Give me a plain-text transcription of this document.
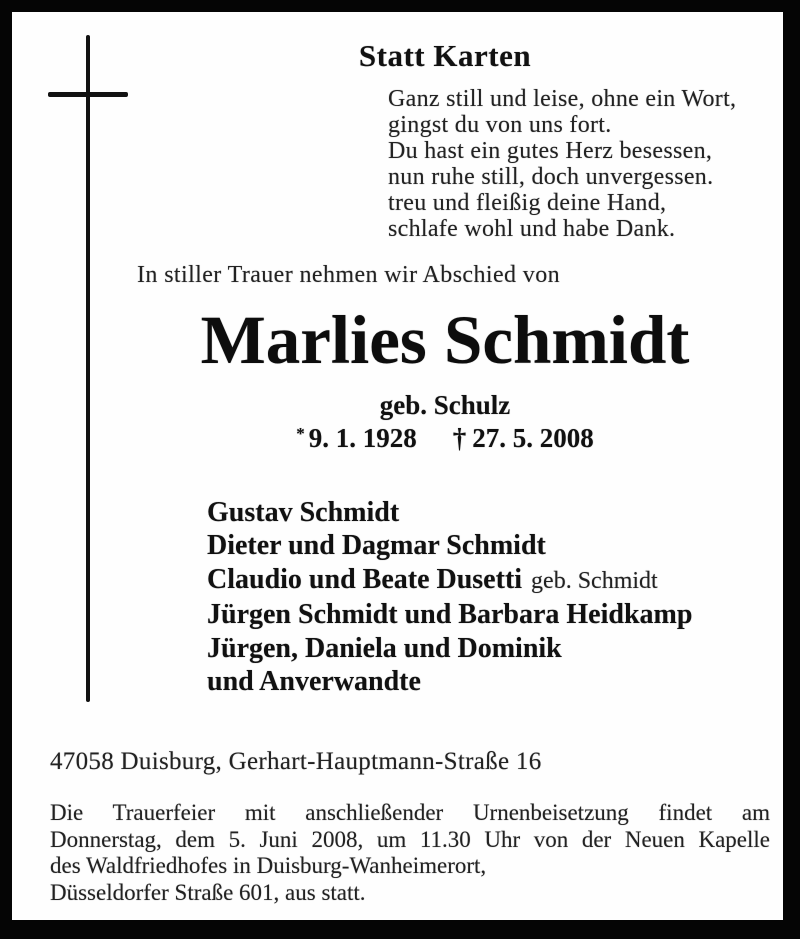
Statt Karten
Ganz still und leise, ohne ein Wort,
gingst du von uns fort.
Du hast ein gutes Herz besessen,
nun ruhe still, doch unvergessen.
treu und fleißig deine Hand,
schlafe wohl und habe Dank.
In stiller Trauer nehmen wir Abschied von
Marlies Schmidt
geb. Schulz
* 9. 1. 1928 † 27. 5. 2008
Gustav Schmidt
Dieter und Dagmar Schmidt
Claudio und Beate Dusetti geb. Schmidt
Jürgen Schmidt und Barbara Heidkamp
Jürgen, Daniela und Dominik
und Anverwandte
47058 Duisburg, Gerhart-Hauptmann-Straße 16
Die Trauerfeier mit anschließender Urnenbeisetzung findet am
Donnerstag, dem 5. Juni 2008, um 11.30 Uhr von der Neuen Kapelle
des Waldfriedhofes in Duisburg-Wanheimerort,
Düsseldorfer Straße 601, aus statt.
